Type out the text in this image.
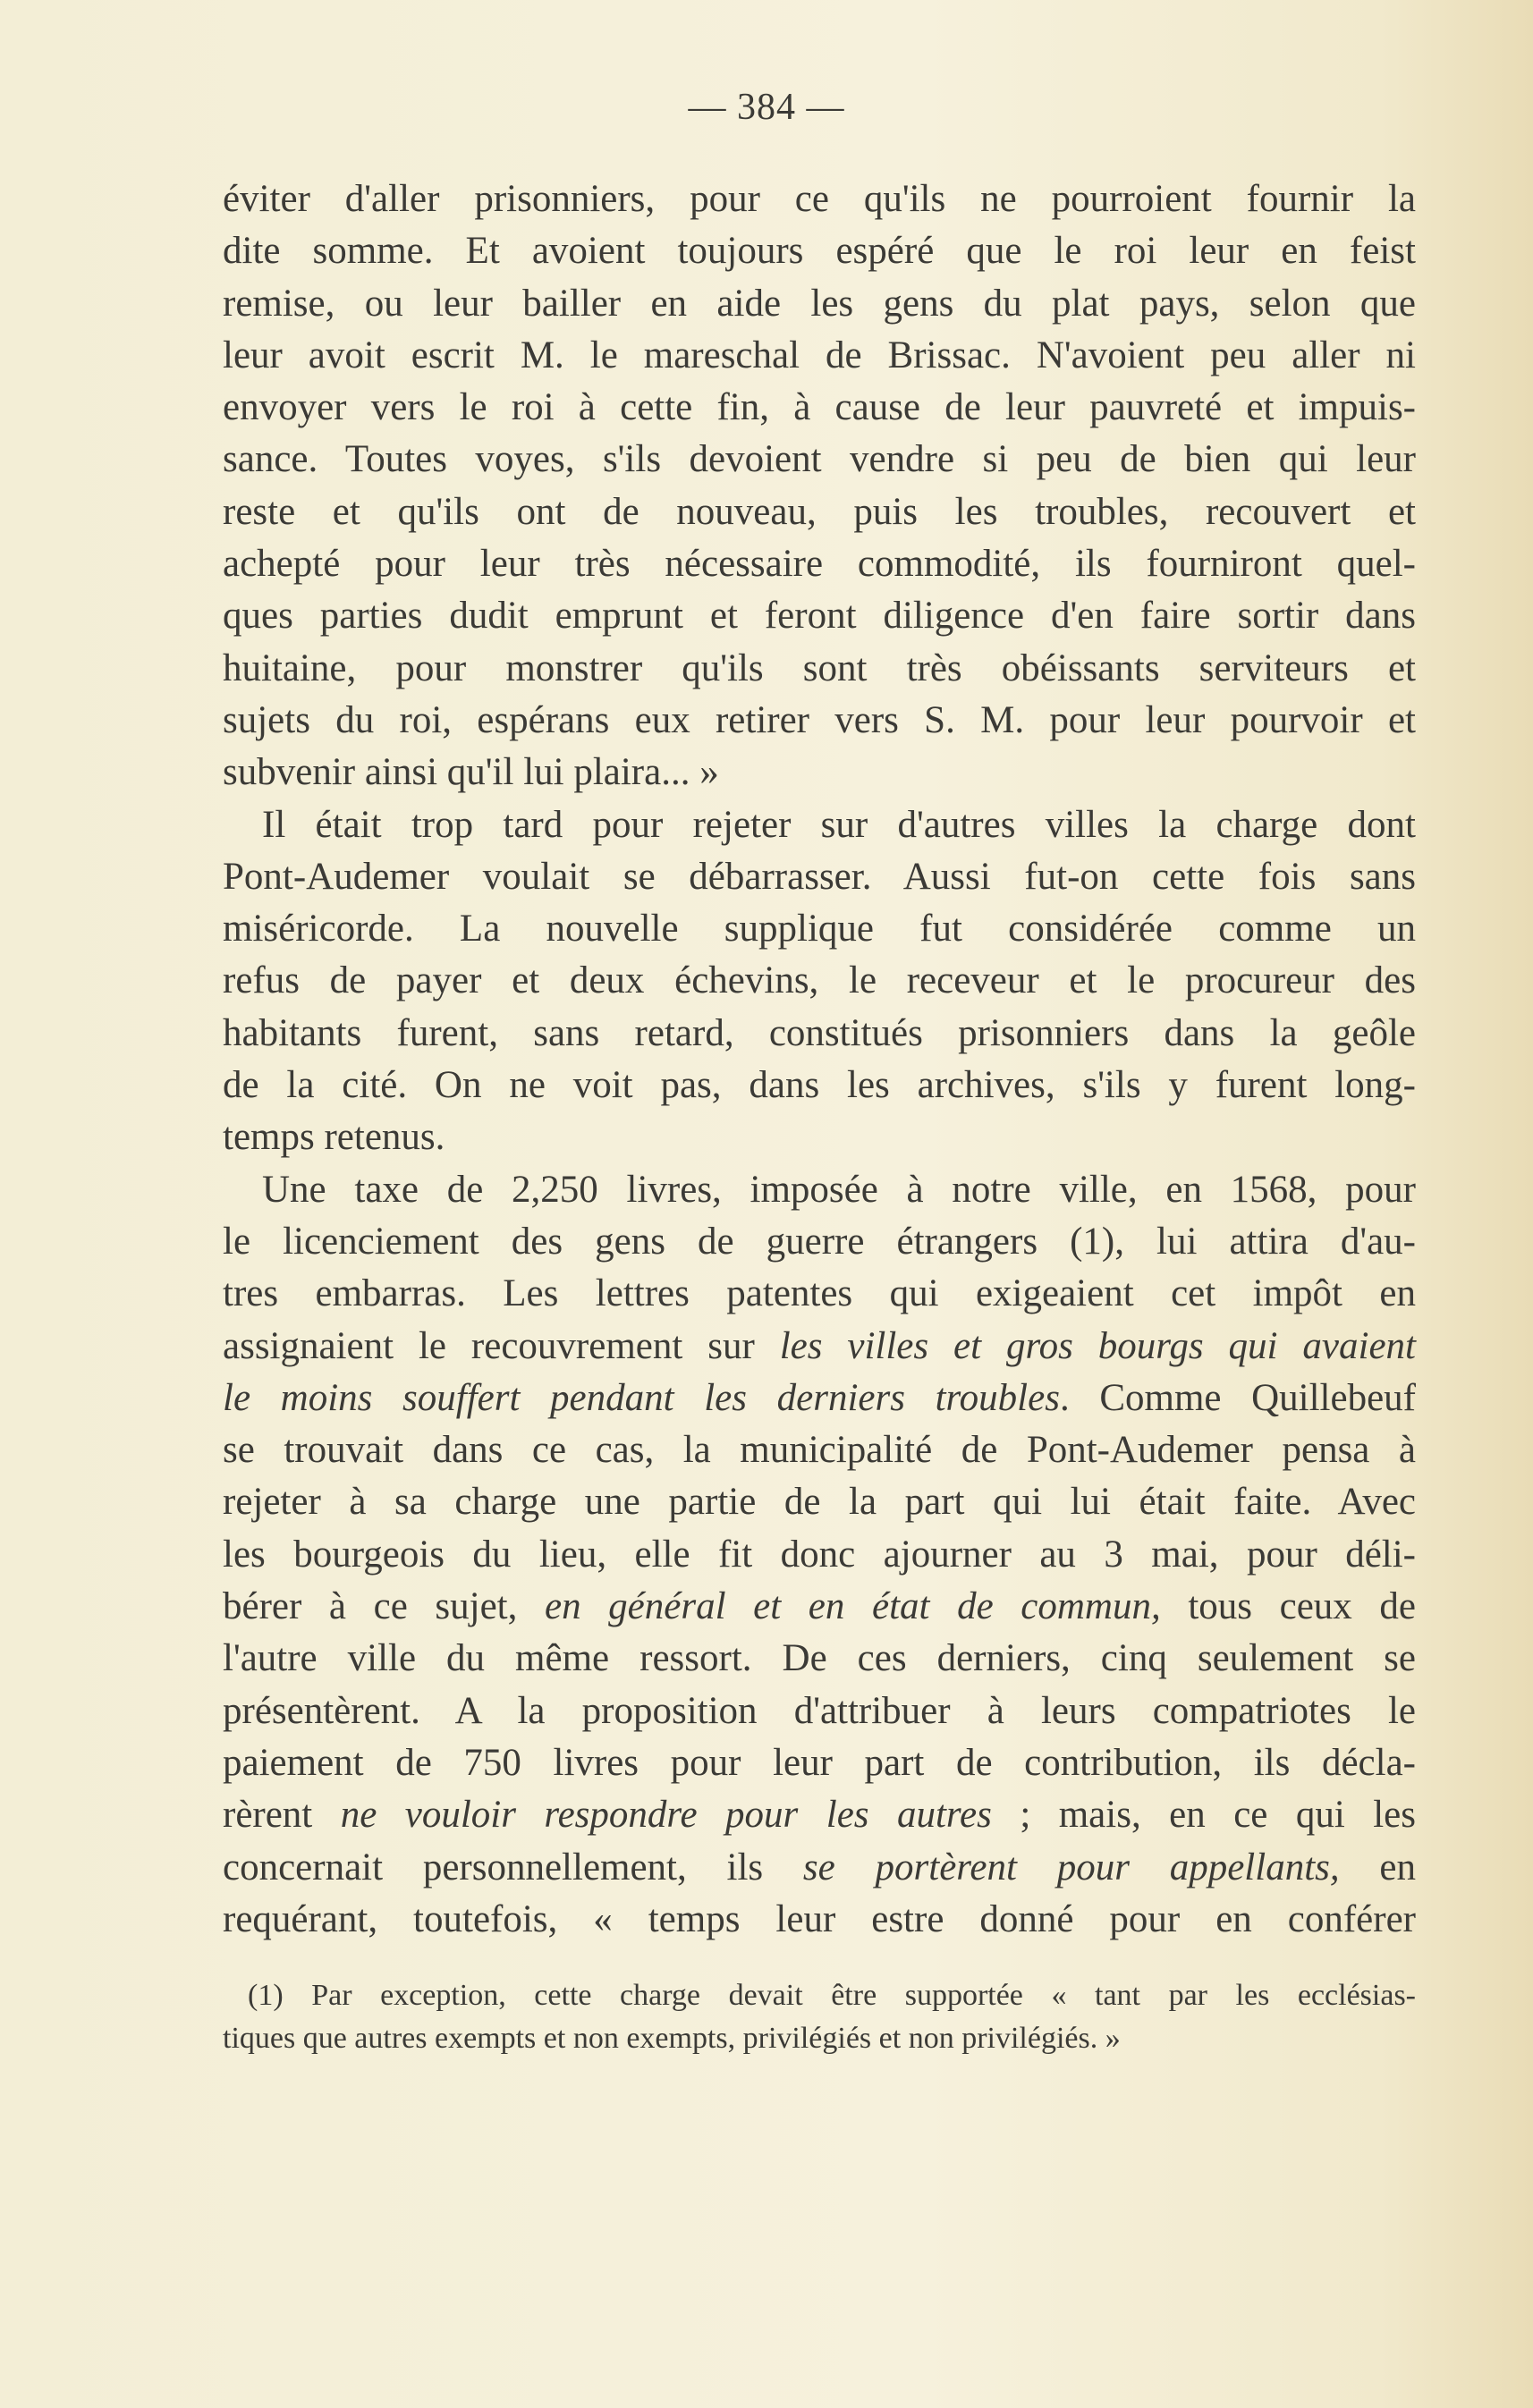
— 384 —
éviter d'aller prisonniers, pour ce qu'ils ne pourroient fournir la
dite somme. Et avoient toujours espéré que le roi leur en feist
remise, ou leur bailler en aide les gens du plat pays, selon que
leur avoit escrit M. le mareschal de Brissac. N'avoient peu aller ni
envoyer vers le roi à cette fin, à cause de leur pauvreté et impuis-
sance. Toutes voyes, s'ils devoient vendre si peu de bien qui leur
reste et qu'ils ont de nouveau, puis les troubles, recouvert et
achepté pour leur très nécessaire commodité, ils fourniront quel-
ques parties dudit emprunt et feront diligence d'en faire sortir dans
huitaine, pour monstrer qu'ils sont très obéissants serviteurs et
sujets du roi, espérans eux retirer vers S. M. pour leur pourvoir et
subvenir ainsi qu'il lui plaira... »
Il était trop tard pour rejeter sur d'autres villes la charge dont
Pont-Audemer voulait se débarrasser. Aussi fut-on cette fois sans
miséricorde. La nouvelle supplique fut considérée comme un
refus de payer et deux échevins, le receveur et le procureur des
habitants furent, sans retard, constitués prisonniers dans la geôle
de la cité. On ne voit pas, dans les archives, s'ils y furent long-
temps retenus.
Une taxe de 2,250 livres, imposée à notre ville, en 1568, pour
le licenciement des gens de guerre étrangers (1), lui attira d'au-
tres embarras. Les lettres patentes qui exigeaient cet impôt en
assignaient le recouvrement sur les villes et gros bourgs qui avaient
le moins souffert pendant les derniers troubles. Comme Quillebeuf
se trouvait dans ce cas, la municipalité de Pont-Audemer pensa à
rejeter à sa charge une partie de la part qui lui était faite. Avec
les bourgeois du lieu, elle fit donc ajourner au 3 mai, pour déli-
bérer à ce sujet, en général et en état de commun, tous ceux de
l'autre ville du même ressort. De ces derniers, cinq seulement se
présentèrent. A la proposition d'attribuer à leurs compatriotes le
paiement de 750 livres pour leur part de contribution, ils décla-
rèrent ne vouloir respondre pour les autres ; mais, en ce qui les
concernait personnellement, ils se portèrent pour appellants, en
requérant, toutefois, « temps leur estre donné pour en conférer
(1) Par exception, cette charge devait être supportée « tant par les ecclésias-
tiques que autres exempts et non exempts, privilégiés et non privilégiés. »
